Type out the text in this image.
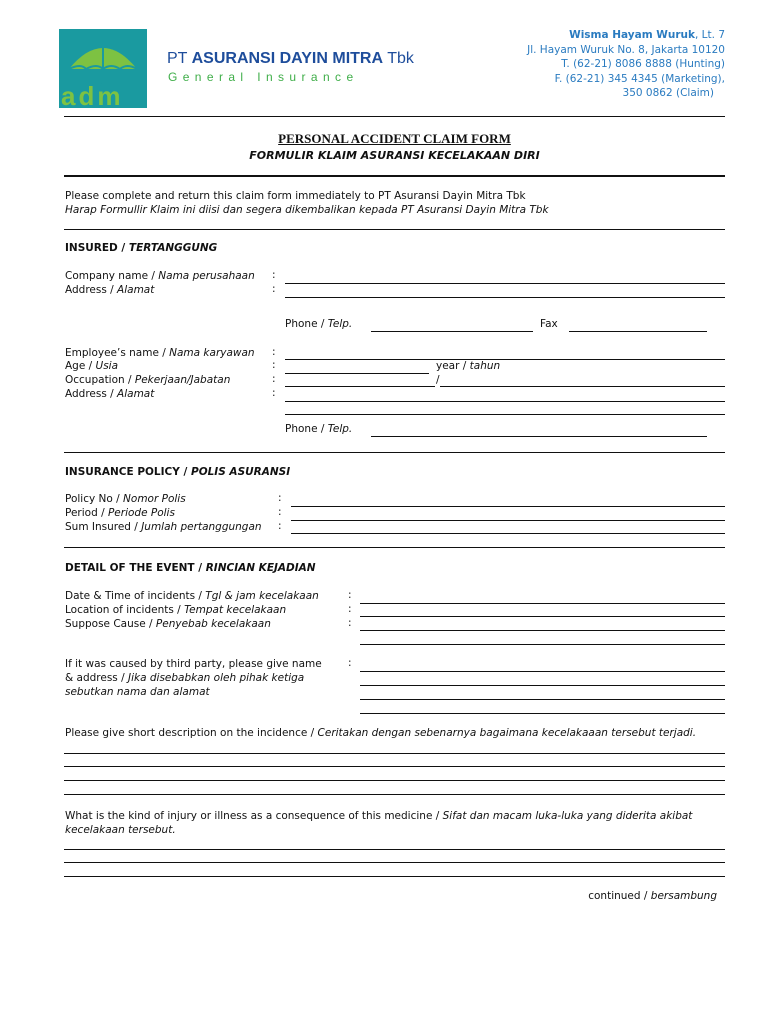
adm
PT ASURANSI DAYIN MITRA Tbk
General Insurance
Wisma Hayam Wuruk, Lt. 7
Jl. Hayam Wuruk No. 8, Jakarta 10120
T. (62-21) 8086 8888 (Hunting)
F. (62-21) 345 4345 (Marketing),
350 0862 (Claim)
PERSONAL ACCIDENT CLAIM FORM
FORMULIR KLAIM ASURANSI KECELAKAAN DIRI
Please complete and return this claim form immediately to PT Asuransi Dayin Mitra Tbk
Harap Formullir Klaim ini diisi dan segera dikembalikan kepada PT Asuransi Dayin Mitra Tbk
INSURED / TERTANGGUNG
Company name / Nama perusahaan :
Address / Alamat	:
Phone / Telp.	Fax
Employee’s name / Nama karyawan :
Age / Usia	:	year / tahun
Occupation / Pekerjaan/Jabatan	:	/
Address / Alamat	:
Phone / Telp.
INSURANCE POLICY / POLIS ASURANSI
Policy No / Nomor Polis	:
Period / Periode Polis	:
Sum Insured / Jumlah pertanggungan :
DETAIL OF THE EVENT / RINCIAN KEJADIAN
Date & Time of incidents / Tgl & jam kecelakaan	:
Location of incidents / Tempat kecelakaan	:
Suppose Cause / Penyebab kecelakaan	:
If it was caused by third party, please give name	:
& address / Jika disebabkan oleh pihak ketiga
sebutkan nama dan alamat
Please give short description on the incidence / Ceritakan dengan sebenarnya bagaimana kecelakaaan tersebut terjadi.
What is the kind of injury or illness as a consequence of this medicine / Sifat dan macam luka-luka yang diderita akibat
kecelakaan tersebut.
continued / bersambung
